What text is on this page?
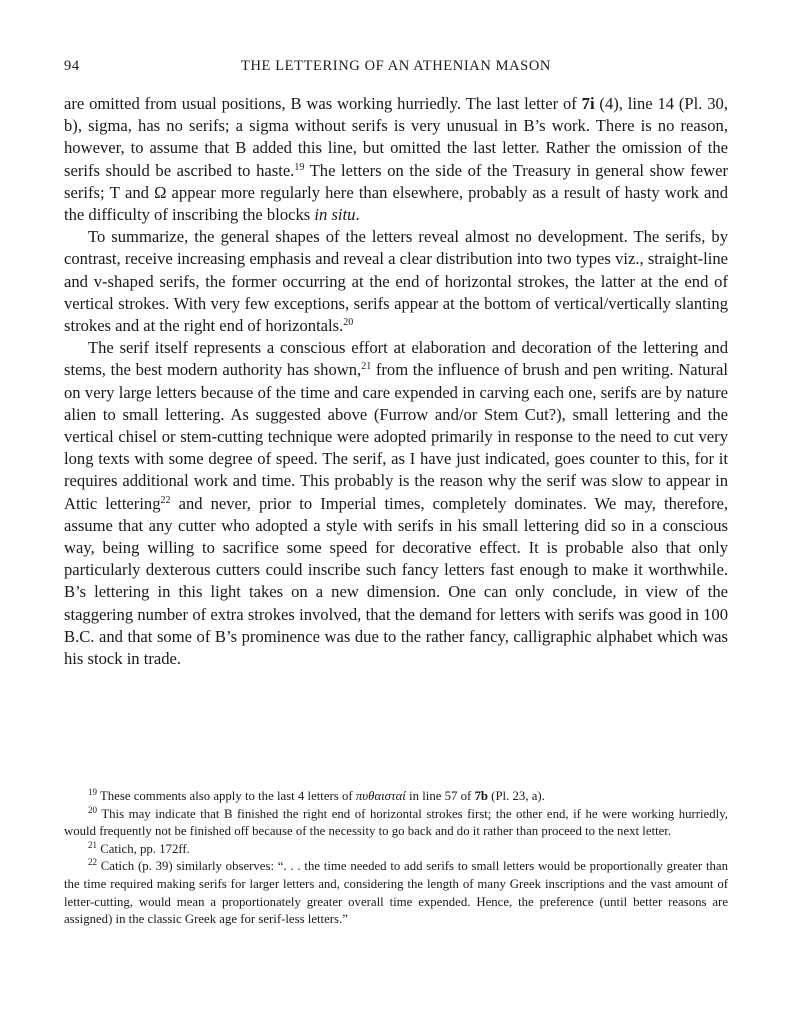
94	THE LETTERING OF AN ATHENIAN MASON

are omitted from usual positions, B was working hurriedly. The last letter of 7i (4), line 14 (Pl. 30, b), sigma, has no serifs; a sigma without serifs is very unusual in B’s work. There is no reason, however, to assume that B added this line, but omitted the last letter. Rather the omission of the serifs should be ascribed to haste.$^{19}$ The letters on the side of the Treasury in general show fewer serifs; Ƭ and Ω appear more regularly here than elsewhere, probably as a result of hasty work and the difficulty of inscribing the blocks in situ.

To summarize, the general shapes of the letters reveal almost no development. The serifs, by contrast, receive increasing emphasis and reveal a clear distribution into two types viz., straight-line and v-shaped serifs, the former occurring at the end of horizontal strokes, the latter at the end of vertical strokes. With very few exceptions, serifs appear at the bottom of vertical/vertically slanting strokes and at the right end of horizontals.$^{20}$

The serif itself represents a conscious effort at elaboration and decoration of the lettering and stems, the best modern authority has shown,$^{21}$ from the influence of brush and pen writing. Natural on very large letters because of the time and care expended in carving each one, serifs are by nature alien to small lettering. As suggested above (Furrow and/or Stem Cut?), small lettering and the vertical chisel or stem-cutting technique were adopted primarily in response to the need to cut very long texts with some degree of speed. The serif, as I have just indicated, goes counter to this, for it requires additional work and time. This probably is the reason why the serif was slow to appear in Attic lettering$^{22}$ and never, prior to Imperial times, completely dominates. We may, therefore, assume that any cutter who adopted a style with serifs in his small lettering did so in a conscious way, being willing to sacrifice some speed for decorative effect. It is probable also that only particularly dexterous cutters could inscribe such fancy letters fast enough to make it worthwhile. B’s lettering in this light takes on a new dimension. One can only conclude, in view of the staggering number of extra strokes involved, that the demand for letters with serifs was good in 100 B.C. and that some of B’s prominence was due to the rather fancy, calligraphic alphabet which was his stock in trade.

$^{19}$ These comments also apply to the last 4 letters of πυθαισταί in line 57 of 7b (Pl. 23, a).

$^{20}$ This may indicate that B finished the right end of horizontal strokes first; the other end, if he were working hurriedly, would frequently not be finished off because of the necessity to go back and do it rather than proceed to the next letter.

$^{21}$ Catich, pp. 172ff.

$^{22}$ Catich (p. 39) similarly observes: “. . . the time needed to add serifs to small letters would be proportionally greater than the time required making serifs for larger letters and, considering the length of many Greek inscriptions and the vast amount of letter-cutting, would mean a proportionately greater overall time expended. Hence, the preference (until better reasons are assigned) in the classic Greek age for serif-less letters.”
